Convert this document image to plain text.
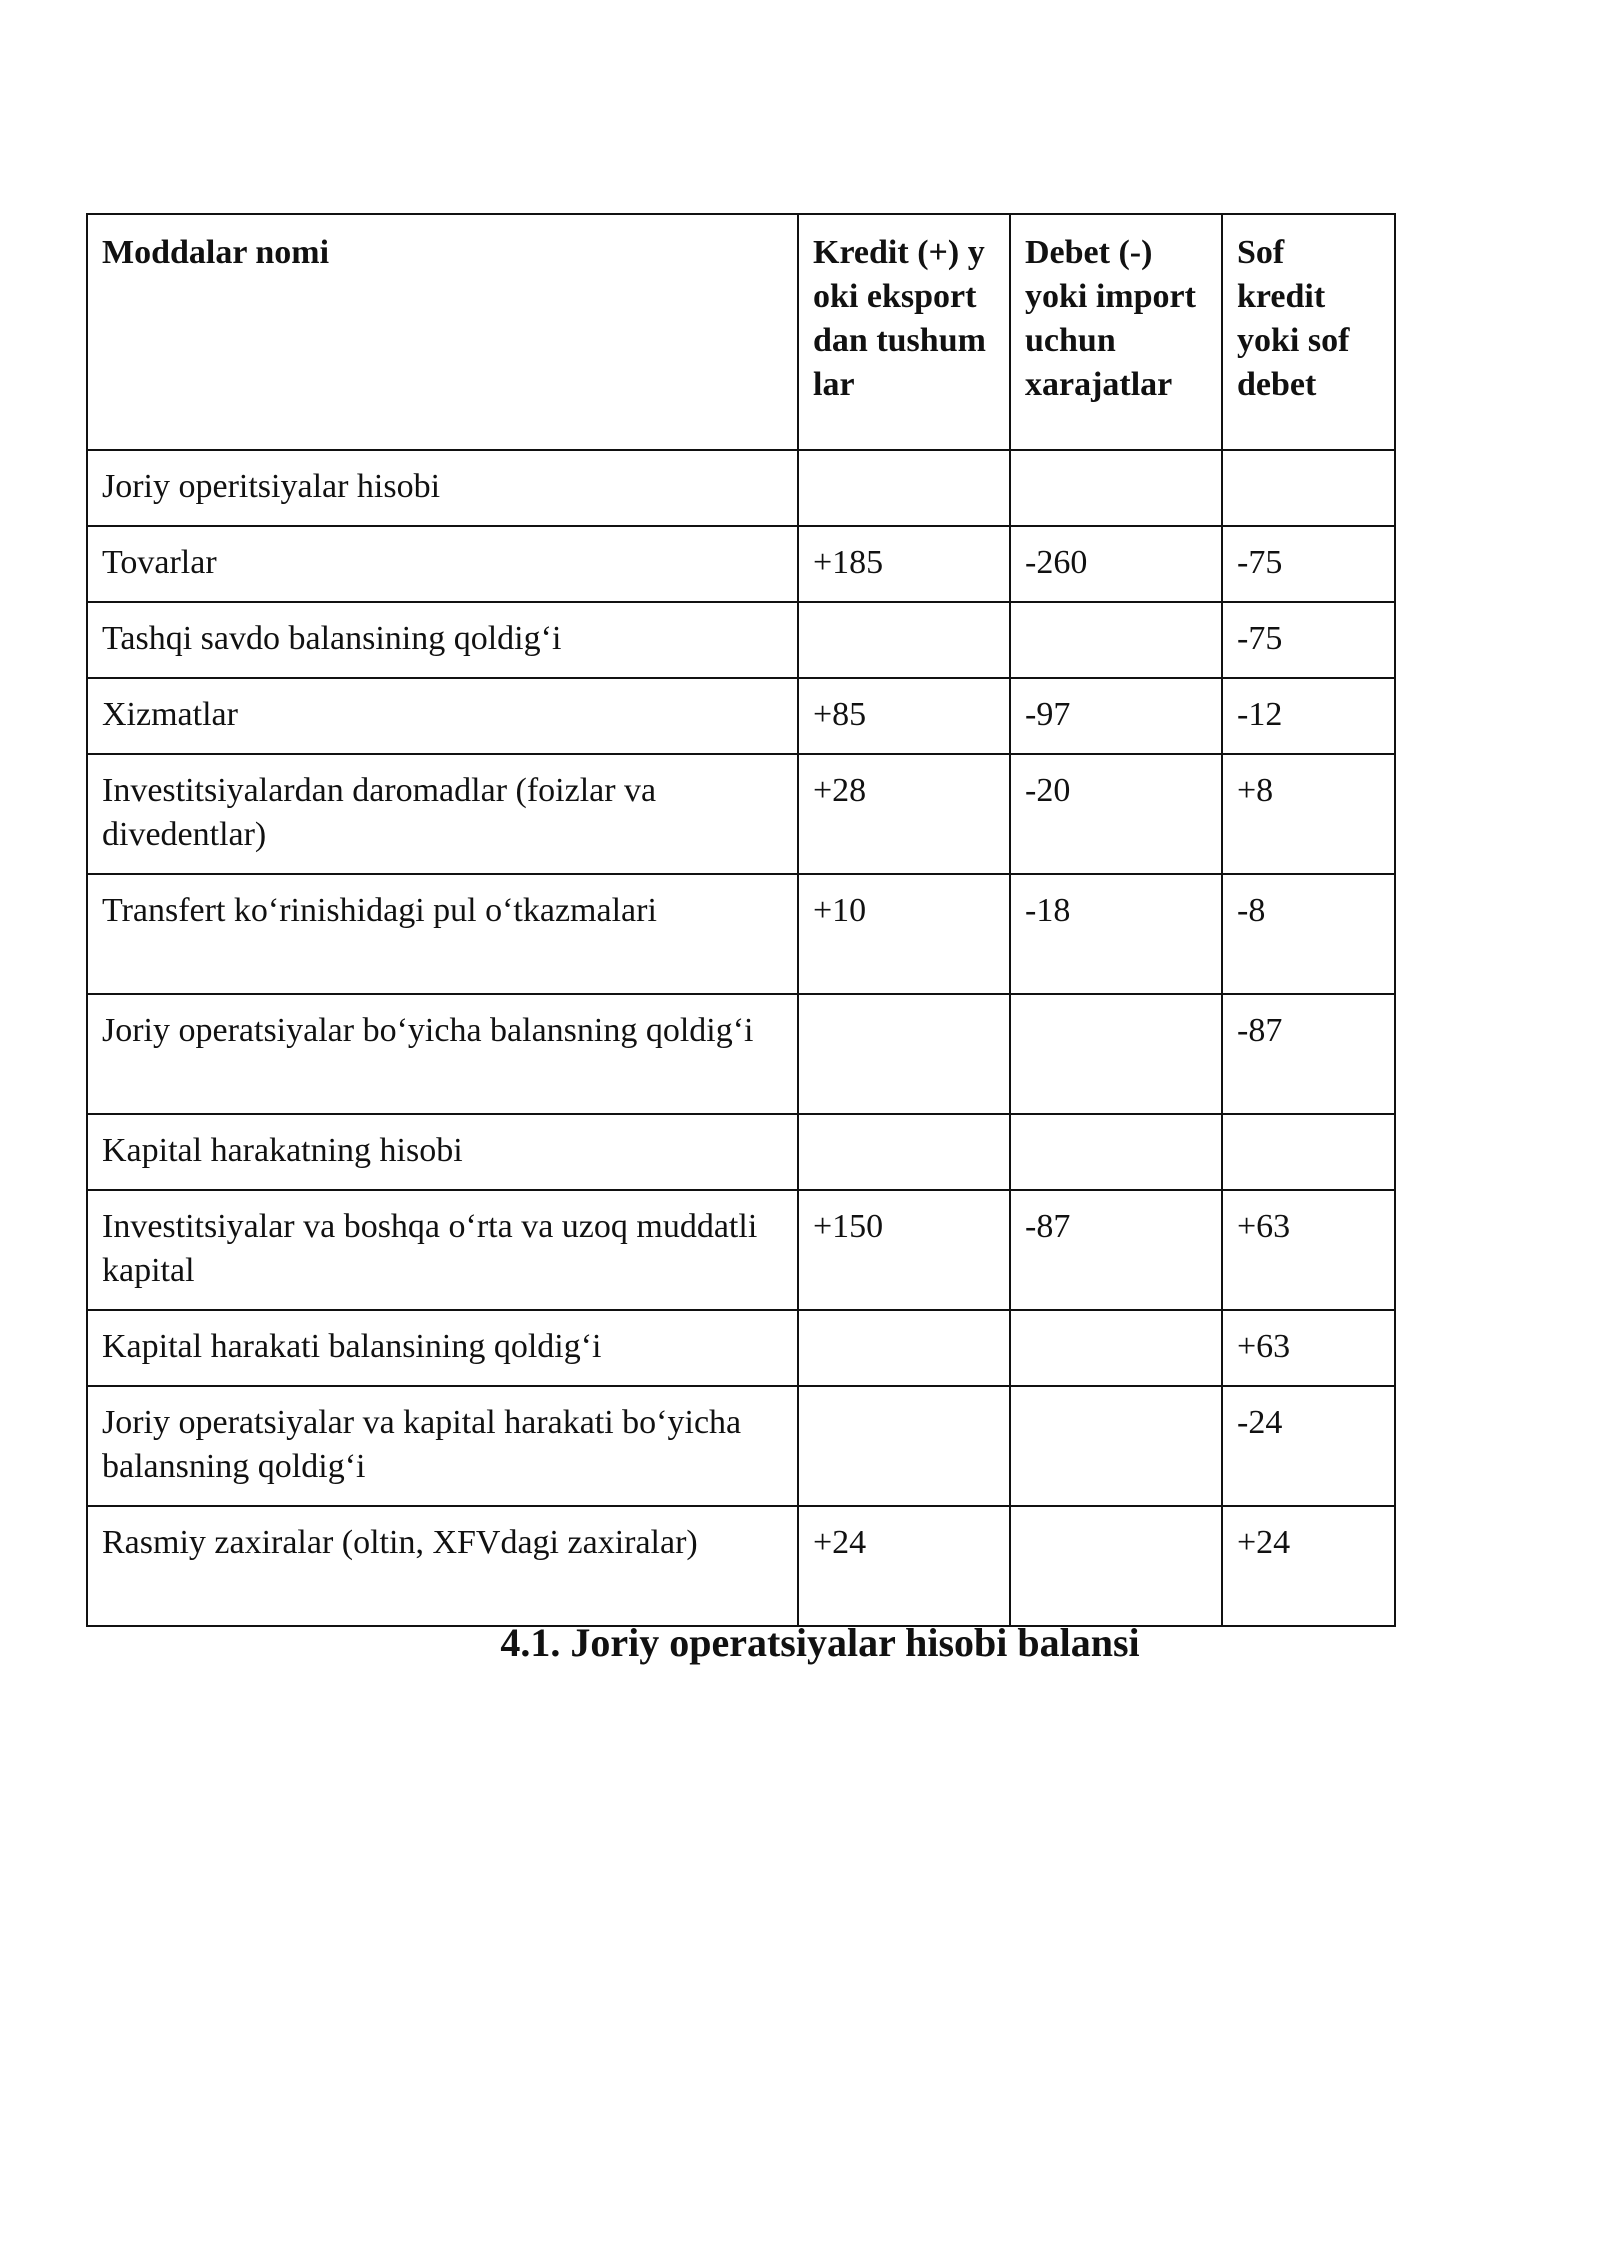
Moddalar nomi	Kredit (+) yoki eksportdan tushumlar	Debet (-) yoki import uchun xarajatlar	Sof kredit yoki sof debet
Joriy operitsiyalar hisobi			
Tovarlar	+185	-260	-75
Tashqi savdo balansining qoldig‘i			-75
Xizmatlar	+85	-97	-12
Investitsiyalardan daromadlar (foizlar va divedentlar)	+28	-20	+8
Transfert ko‘rinishidagi pul o‘tkazmalari	+10	-18	-8
Joriy operatsiyalar bo‘yicha balansning qoldig‘i			-87
Kapital harakatning hisobi			
Investitsiyalar va boshqa o‘rta va uzoq muddatli kapital	+150	-87	+63
Kapital harakati balansining qoldig‘i			+63
Joriy operatsiyalar va kapital harakati bo‘yicha balansning qoldig‘i			-24
Rasmiy zaxiralar (oltin, XFVdagi zaxiralar)	+24		+24
4.1. Joriy operatsiyalar hisobi balansi
